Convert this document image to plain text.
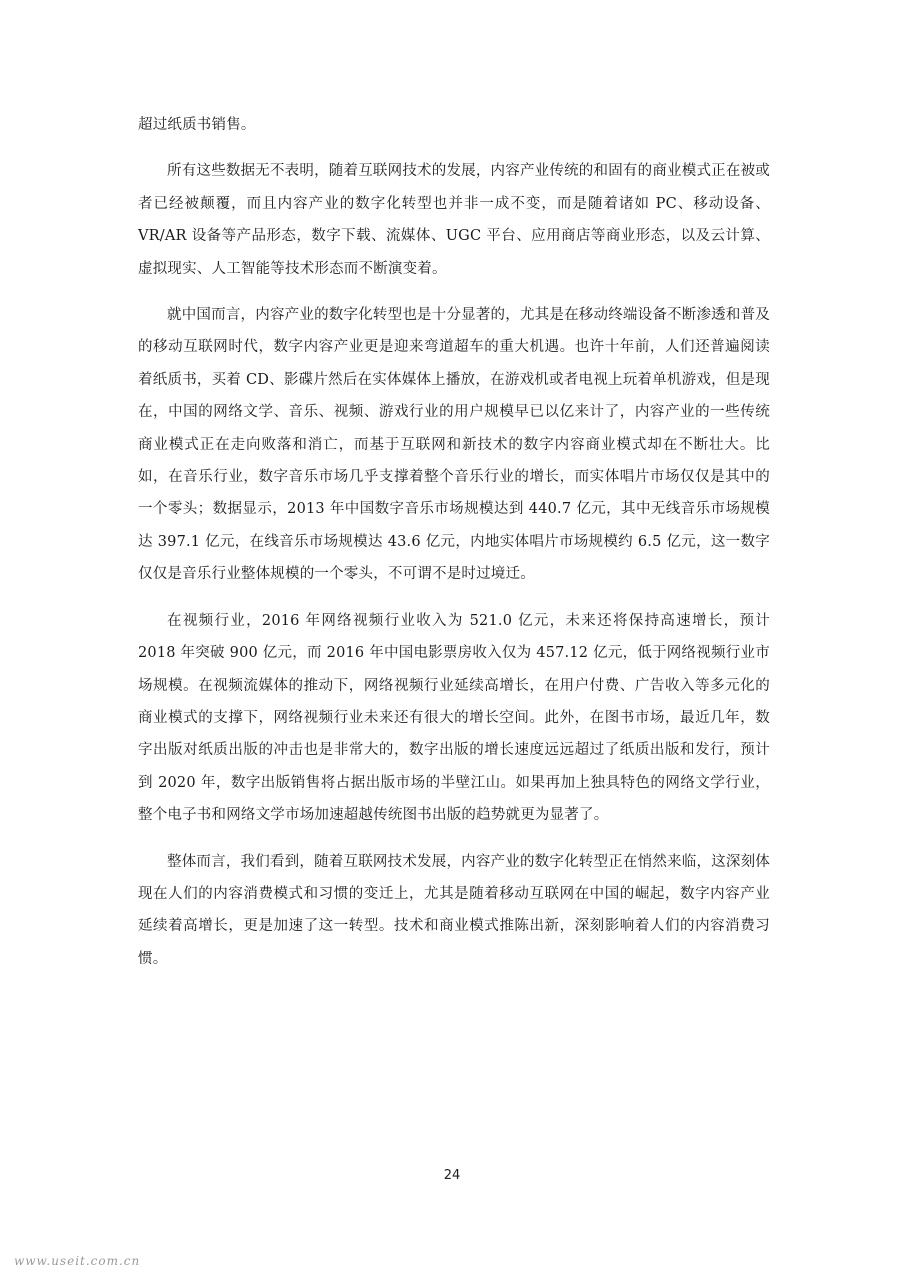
超过纸质书销售。

所有这些数据无不表明，随着互联网技术的发展，内容产业传统的和固有的商业模式正在被或者已经被颠覆，而且内容产业的数字化转型也并非一成不变，而是随着诸如 PC、移动设备、VR/AR 设备等产品形态，数字下载、流媒体、UGC 平台、应用商店等商业形态，以及云计算、虚拟现实、人工智能等技术形态而不断演变着。

就中国而言，内容产业的数字化转型也是十分显著的，尤其是在移动终端设备不断渗透和普及的移动互联网时代，数字内容产业更是迎来弯道超车的重大机遇。也许十年前，人们还普遍阅读着纸质书，买着 CD、影碟片然后在实体媒体上播放，在游戏机或者电视上玩着单机游戏，但是现在，中国的网络文学、音乐、视频、游戏行业的用户规模早已以亿来计了，内容产业的一些传统商业模式正在走向败落和消亡，而基于互联网和新技术的数字内容商业模式却在不断壮大。比如，在音乐行业，数字音乐市场几乎支撑着整个音乐行业的增长，而实体唱片市场仅仅是其中的一个零头；数据显示，2013 年中国数字音乐市场规模达到 440.7 亿元，其中无线音乐市场规模达 397.1 亿元，在线音乐市场规模达 43.6 亿元，内地实体唱片市场规模约 6.5 亿元，这一数字仅仅是音乐行业整体规模的一个零头，不可谓不是时过境迁。

在视频行业，2016 年网络视频行业收入为 521.0 亿元，未来还将保持高速增长，预计 2018 年突破 900 亿元，而 2016 年中国电影票房收入仅为 457.12 亿元，低于网络视频行业市场规模。在视频流媒体的推动下，网络视频行业延续高增长，在用户付费、广告收入等多元化的商业模式的支撑下，网络视频行业未来还有很大的增长空间。此外，在图书市场，最近几年，数字出版对纸质出版的冲击也是非常大的，数字出版的增长速度远远超过了纸质出版和发行，预计到 2020 年，数字出版销售将占据出版市场的半壁江山。如果再加上独具特色的网络文学行业，整个电子书和网络文学市场加速超越传统图书出版的趋势就更为显著了。

整体而言，我们看到，随着互联网技术发展，内容产业的数字化转型正在悄然来临，这深刻体现在人们的内容消费模式和习惯的变迁上，尤其是随着移动互联网在中国的崛起，数字内容产业延续着高增长，更是加速了这一转型。技术和商业模式推陈出新，深刻影响着人们的内容消费习惯。

24
www.useit.com.cn
